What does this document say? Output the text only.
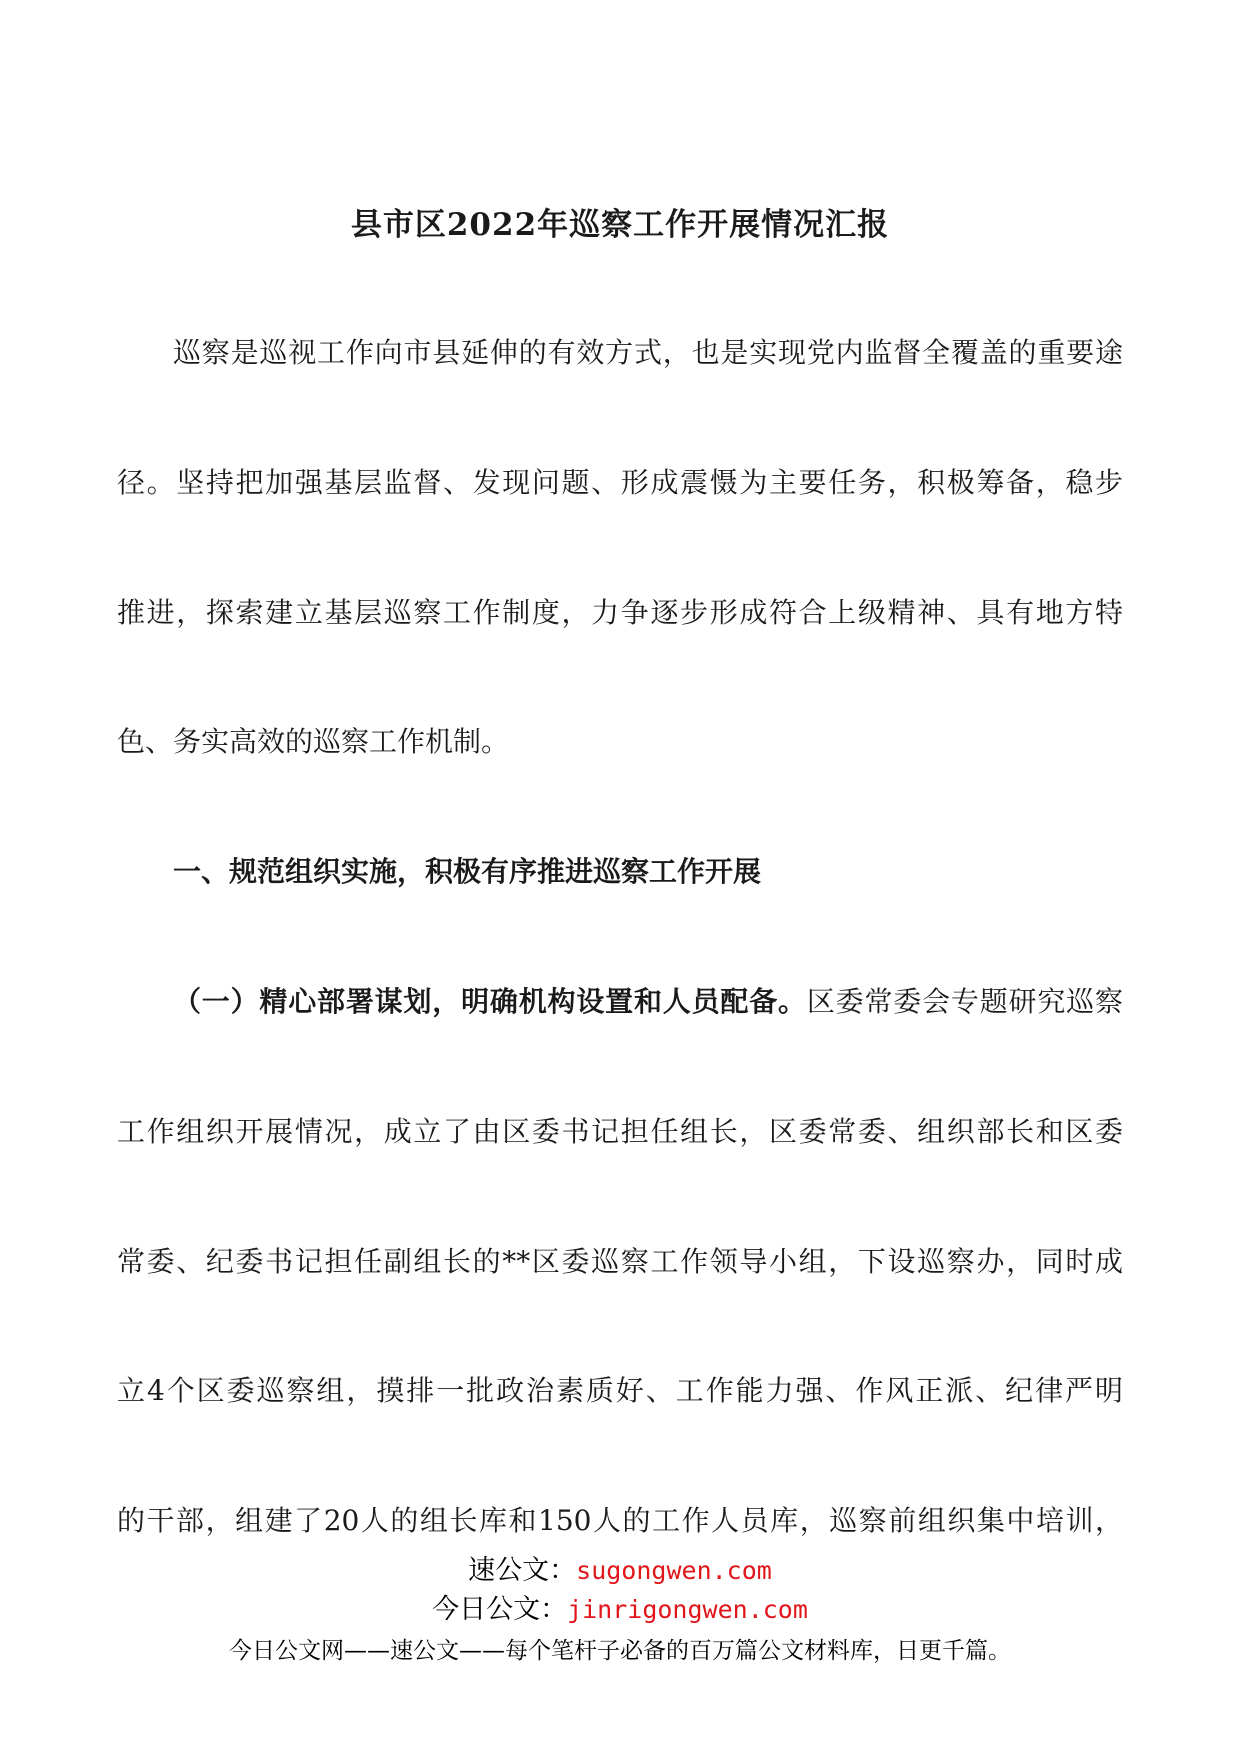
县市区2022年巡察工作开展情况汇报

巡察是巡视工作向市县延伸的有效方式，也是实现党内监督全覆盖的重要途

径。坚持把加强基层监督、发现问题、形成震慑为主要任务，积极筹备，稳步

推进，探索建立基层巡察工作制度，力争逐步形成符合上级精神、具有地方特

色、务实高效的巡察工作机制。

一、规范组织实施，积极有序推进巡察工作开展

（一）精心部署谋划，明确机构设置和人员配备。区委常委会专题研究巡察

工作组织开展情况，成立了由区委书记担任组长，区委常委、组织部长和区委

常委、纪委书记担任副组长的**区委巡察工作领导小组，下设巡察办，同时成

立4个区委巡察组，摸排一批政治素质好、工作能力强、作风正派、纪律严明

的干部，组建了20人的组长库和150人的工作人员库，巡察前组织集中培训，

速公文：sugongwen.com
今日公文：jinrigongwen.com
今日公文网——速公文——每个笔杆子必备的百万篇公文材料库，日更千篇。
